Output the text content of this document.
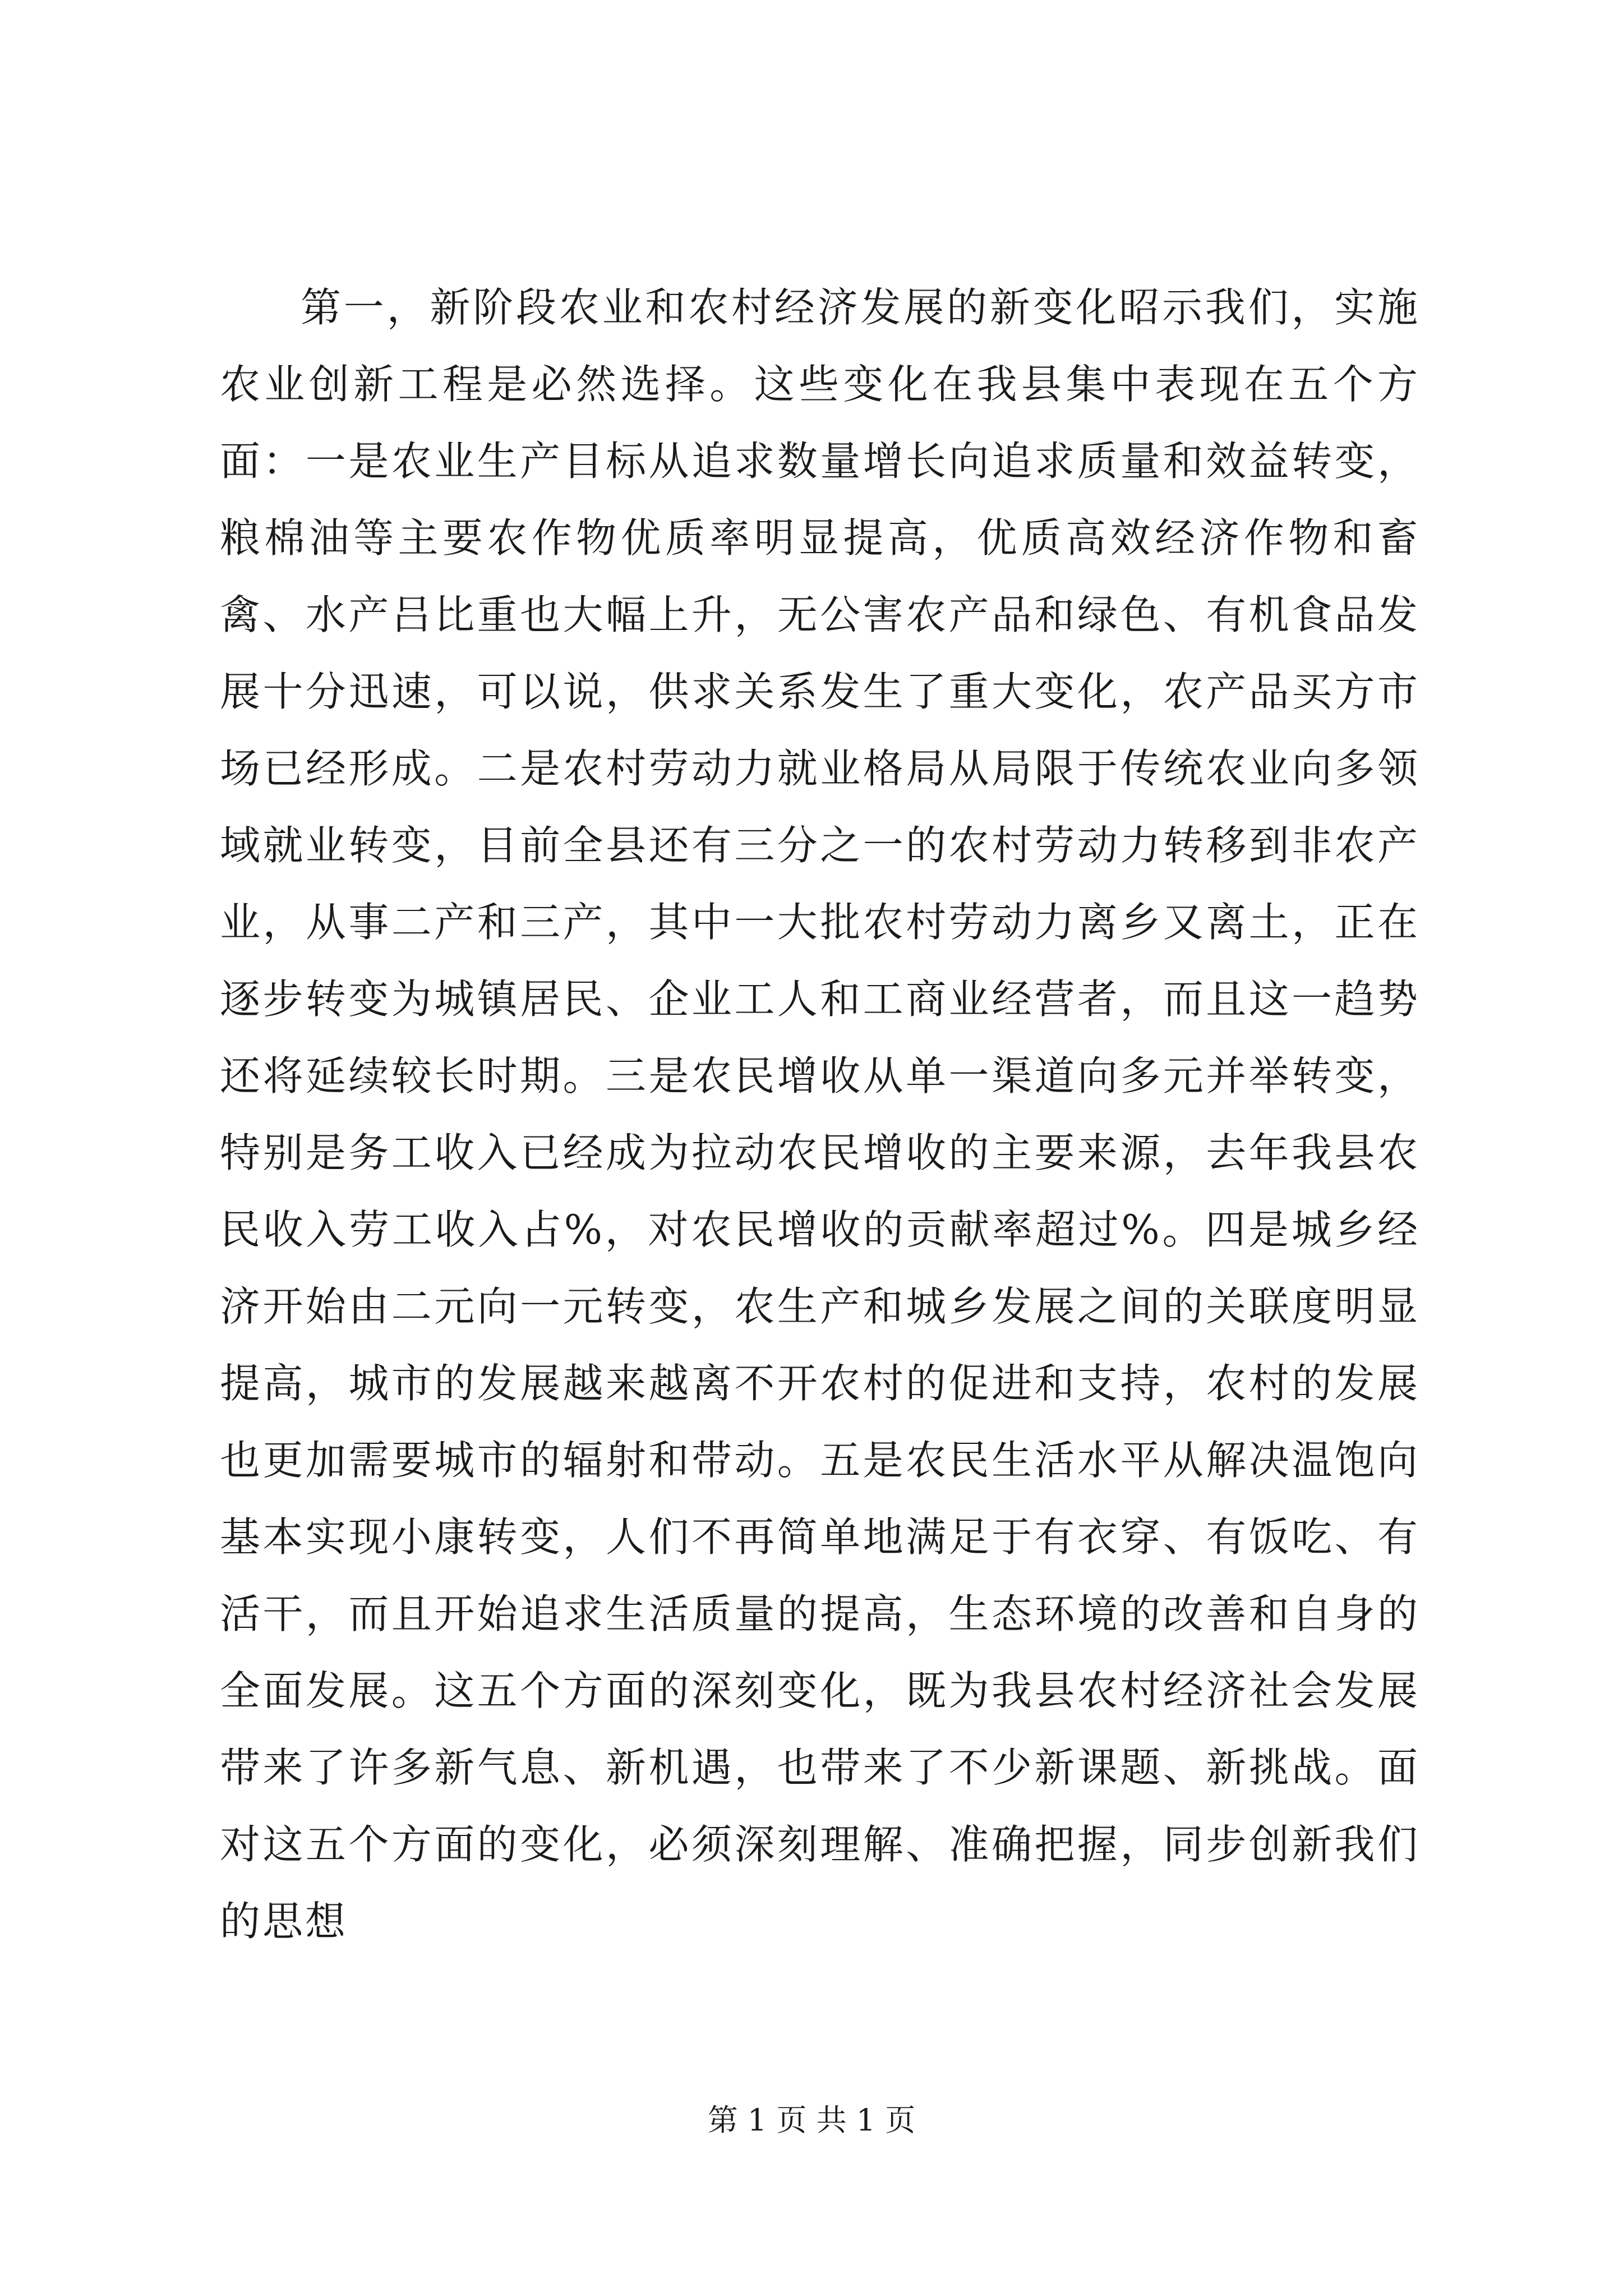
第一，新阶段农业和农村经济发展的新变化昭示我们，实施农业创新工程是必然选择。这些变化在我县集中表现在五个方面：一是农业生产目标从追求数量增长向追求质量和效益转变，粮棉油等主要农作物优质率明显提高，优质高效经济作物和畜禽、水产吕比重也大幅上升，无公害农产品和绿色、有机食品发展十分迅速，可以说，供求关系发生了重大变化，农产品买方市场已经形成。二是农村劳动力就业格局从局限于传统农业向多领域就业转变，目前全县还有三分之一的农村劳动力转移到非农产业，从事二产和三产，其中一大批农村劳动力离乡又离土，正在逐步转变为城镇居民、企业工人和工商业经营者，而且这一趋势还将延续较长时期。三是农民增收从单一渠道向多元并举转变，特别是务工收入已经成为拉动农民增收的主要来源，去年我县农民收入劳工收入占%，对农民增收的贡献率超过%。四是城乡经济开始由二元向一元转变，农生产和城乡发展之间的关联度明显提高，城市的发展越来越离不开农村的促进和支持，农村的发展也更加需要城市的辐射和带动。五是农民生活水平从解决温饱向基本实现小康转变，人们不再简单地满足于有衣穿、有饭吃、有活干，而且开始追求生活质量的提高，生态环境的改善和自身的全面发展。这五个方面的深刻变化，既为我县农村经济社会发展带来了许多新气息、新机遇，也带来了不少新课题、新挑战。面对这五个方面的变化，必须深刻理解、准确把握，同步创新我们的思想

第 1 页 共 1 页
